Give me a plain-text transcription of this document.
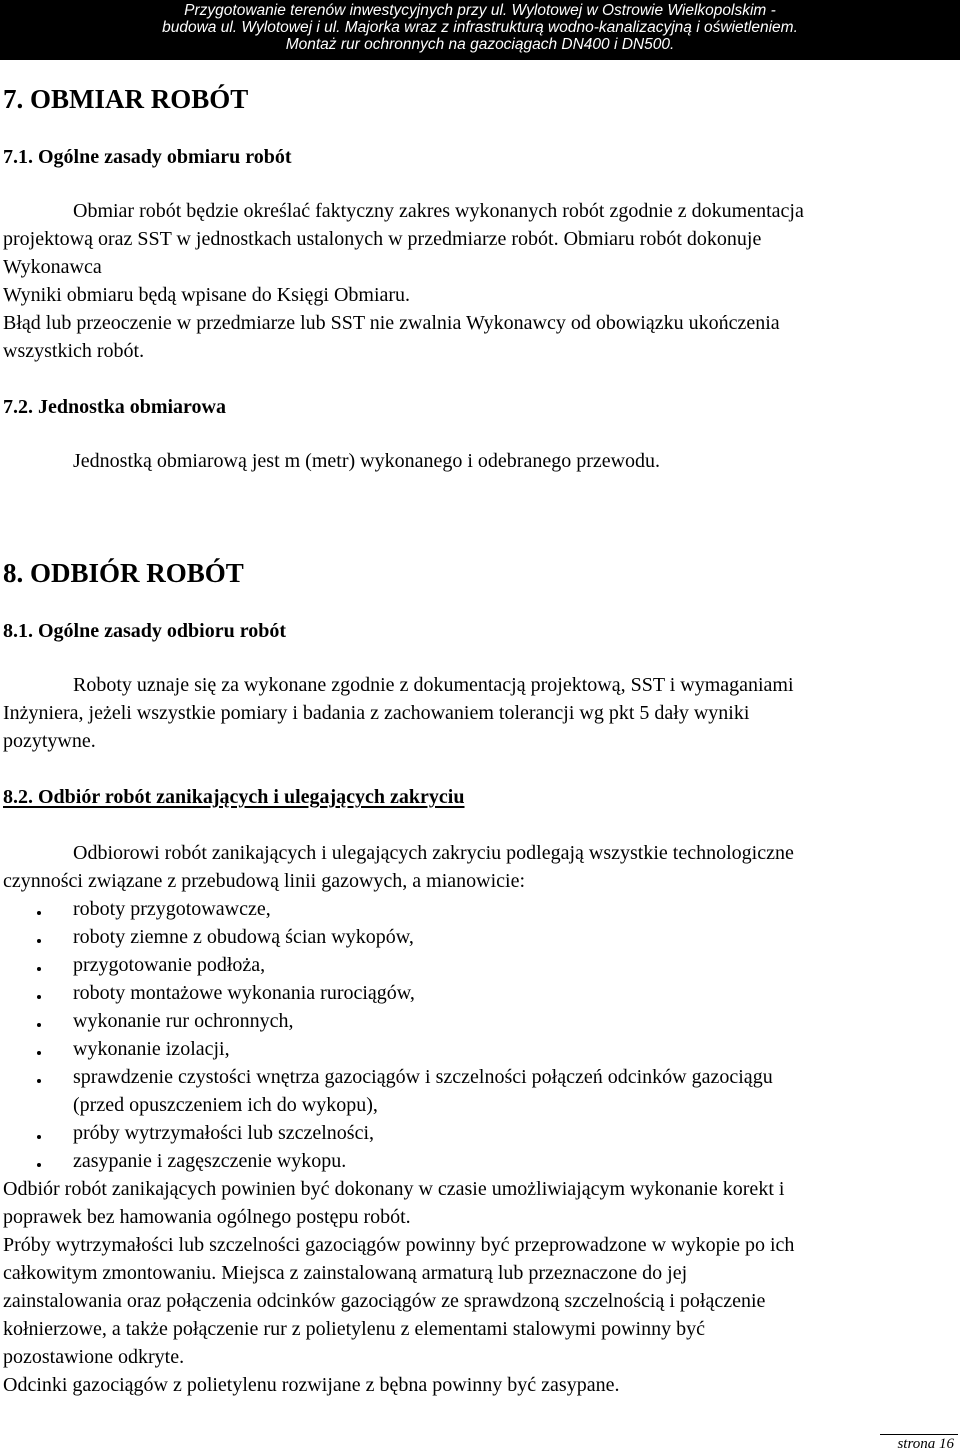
Przygotowanie terenów inwestycyjnych przy ul. Wylotowej w Ostrowie Wielkopolskim -
budowa ul. Wylotowej i ul. Majorka wraz z infrastrukturą wodno-kanalizacyjną i oświetleniem.
Montaż rur ochronnych na gazociągach DN400 i DN500.
7. OBMIAR ROBÓT
7.1. Ogólne zasady obmiaru robót
Obmiar robót będzie określać faktyczny zakres wykonanych robót zgodnie z dokumentacja
projektową oraz SST w jednostkach ustalonych w przedmiarze robót. Obmiaru robót dokonuje
Wykonawca
Wyniki obmiaru będą wpisane do Księgi Obmiaru.
Błąd lub przeoczenie w przedmiarze lub SST nie zwalnia Wykonawcy od obowiązku ukończenia
wszystkich robót.
7.2. Jednostka obmiarowa
Jednostką obmiarową jest m (metr) wykonanego i odebranego przewodu.
8. ODBIÓR ROBÓT
8.1. Ogólne zasady odbioru robót
Roboty uznaje się za wykonane zgodnie z dokumentacją projektową, SST i wymaganiami
Inżyniera, jeżeli wszystkie pomiary i badania z zachowaniem tolerancji wg pkt 5 dały wyniki
pozytywne.
8.2. Odbiór robót zanikających i ulegających zakryciu
Odbiorowi robót zanikających i ulegających zakryciu podlegają wszystkie technologiczne
czynności związane z przebudową linii gazowych, a mianowicie:
roboty przygotowawcze,
roboty ziemne z obudową ścian wykopów,
przygotowanie podłoża,
roboty montażowe wykonania rurociągów,
wykonanie rur ochronnych,
wykonanie izolacji,
sprawdzenie czystości wnętrza gazociągów i szczelności połączeń odcinków gazociągu
(przed opuszczeniem ich do wykopu),
próby wytrzymałości lub szczelności,
zasypanie i zagęszczenie wykopu.
Odbiór robót zanikających powinien być dokonany w czasie umożliwiającym wykonanie korekt i
poprawek bez hamowania ogólnego postępu robót.
Próby wytrzymałości lub szczelności gazociągów powinny być przeprowadzone w wykopie po ich
całkowitym zmontowaniu. Miejsca z zainstalowaną armaturą lub przeznaczone do jej
zainstalowania oraz połączenia odcinków gazociągów ze sprawdzoną szczelnością i połączenie
kołnierzowe, a także połączenie rur z polietylenu z elementami stalowymi powinny być
pozostawione odkryte.
Odcinki gazociągów z polietylenu rozwijane z bębna powinny być zasypane.
strona 16
